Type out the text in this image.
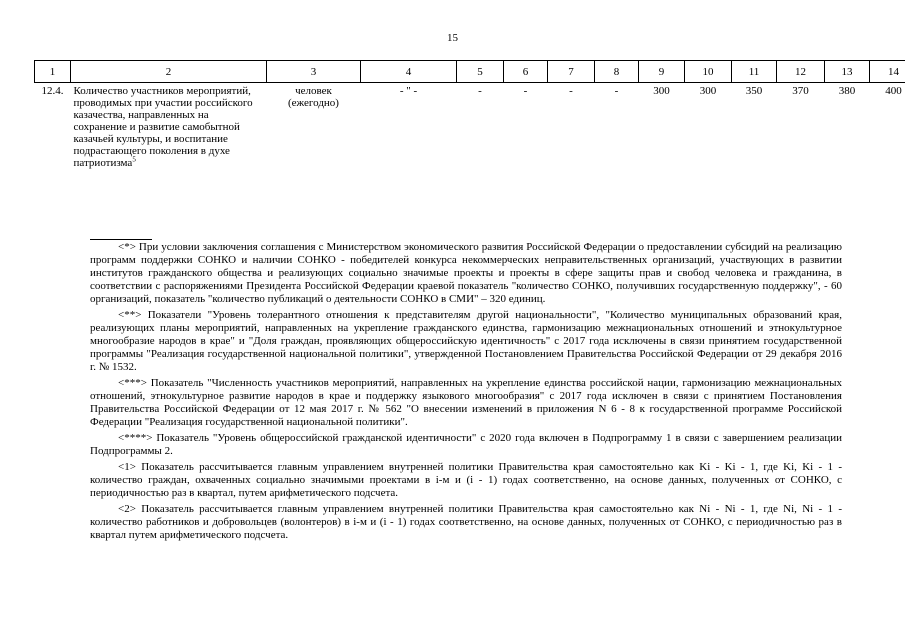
15
1	2	3	4	5	6	7	8	9	10	11	12	13	14
12.4.	Количество участников мероприятий, проводимых при участии российского казачества, направленных на сохранение и развитие самобытной казачьей культуры, и воспитание подрастающего поколения в духе патриотизма$^5$	человек (ежегодно)	- " -	-	-	-	-	300	300	350	370	380	400

<*> При условии заключения соглашения с Министерством экономического развития Российской Федерации о предоставлении субсидий на реализацию программ поддержки СОНКО и наличии СОНКО - победителей конкурса некоммерческих неправительственных организаций, участвующих в развитии институтов гражданского общества и реализующих социально значимые проекты и проекты в сфере защиты прав и свобод человека и гражданина, в соответствии с распоряжениями Президента Российской Федерации краевой показатель "количество СОНКО, получивших государственную поддержку", - 60 организаций, показатель "количество публикаций о деятельности СОНКО в СМИ" – 320 единиц.

<**> Показатели "Уровень толерантного отношения к представителям другой национальности", "Количество муниципальных образований края, реализующих планы мероприятий, направленных на укрепление гражданского единства, гармонизацию межнациональных отношений и этнокультурное многообразие народов в крае" и "Доля граждан, проявляющих общероссийскую идентичность" с 2017 года исключены в связи принятием государственной программы "Реализация государственной национальной политики", утвержденной Постановлением Правительства Российской Федерации от 29 декабря 2016 г. № 1532.

<***> Показатель "Численность участников мероприятий, направленных на укрепление единства российской нации, гармонизацию межнациональных отношений, этнокультурное развитие народов в крае и поддержку языкового многообразия" с 2017 года исключен в связи с принятием Постановления Правительства Российской Федерации от 12 мая 2017 г. № 562 "О внесении изменений в приложения N 6 - 8 к государственной программе Российской Федерации "Реализация государственной национальной политики".

<****> Показатель "Уровень общероссийской гражданской идентичности" с 2020 года включен в Подпрограмму 1 в связи с завершением реализации Подпрограммы 2.

<1> Показатель рассчитывается главным управлением внутренней политики Правительства края самостоятельно как Ki - Ki - 1, где Ki, Ki - 1 - количество граждан, охваченных социально значимыми проектами в i-м и (i - 1) годах соответственно, на основе данных, полученных от СОНКО, с периодичностью раз в квартал, путем арифметического подсчета.

<2> Показатель рассчитывается главным управлением внутренней политики Правительства края самостоятельно как Ni - Ni - 1, где Ni, Ni - 1 - количество работников и добровольцев (волонтеров) в i-м и (i - 1) годах соответственно, на основе данных, полученных от СОНКО, с периодичностью раз в квартал путем арифметического подсчета.
